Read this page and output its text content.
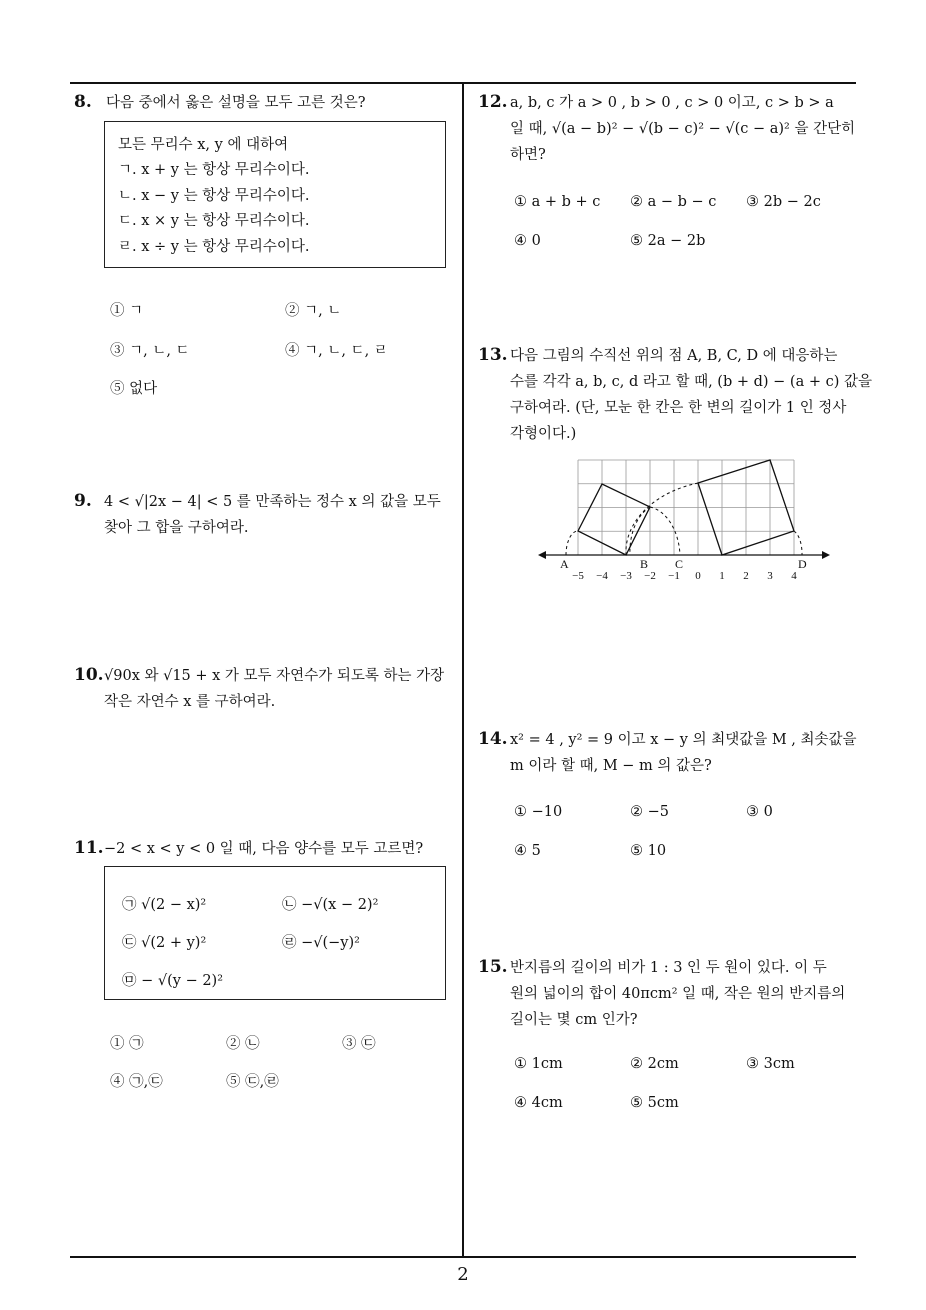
8. 다음 중에서 옳은 설명을 모두 고른 것은?
모든 무리수 x, y 에 대하여
ㄱ. x + y 는 항상 무리수이다.
ㄴ. x − y 는 항상 무리수이다.
ㄷ. x × y 는 항상 무리수이다.
ㄹ. x ÷ y 는 항상 무리수이다.
① ㄱ	② ㄱ, ㄴ
③ ㄱ, ㄴ, ㄷ	④ ㄱ, ㄴ, ㄷ, ㄹ
⑤ 없다
9. 4 < √|2x − 4| < 5 를 만족하는 정수 x 의 값을 모두
찾아 그 합을 구하여라.
10. √90x 와 √15 + x 가 모두 자연수가 되도록 하는 가장
작은 자연수 x 를 구하여라.
11. −2 < x < y < 0 일 때, 다음 양수를 모두 고르면?
㉠ √(2 − x)²	㉡ −√(x − 2)²
㉢ √(2 + y)²	㉣ −√(−y)²
㉤ − √(y − 2)²
① ㉠	② ㉡	③ ㉢
④ ㉠,㉢	⑤ ㉢,㉣
12. a, b, c 가 a > 0 , b > 0 , c > 0 이고, c > b > a
일 때, √(a − b)² − √(b − c)² − √(c − a)² 을 간단히
하면?
① a + b + c ② a − b − c ③ 2b − 2c
④ 0	⑤ 2a − 2b
13. 다음 그림의 수직선 위의 점 A, B, C, D 에 대응하는
수를 각각 a, b, c, d 라고 할 때, (b + d) − (a + c) 값을
구하여라. (단, 모눈 한 칸은 한 변의 길이가 1 인 정사
각형이다.)
A	B C	D
−5 −4 −3 −2 −1 0 1 2 3 4
14. x² = 4 , y² = 9 이고 x − y 의 최댓값을 M , 최솟값을
m 이라 할 때, M − m 의 값은?
① −10	② −5	③ 0
④ 5	⑤ 10
15. 반지름의 길이의 비가 1 : 3 인 두 원이 있다. 이 두
원의 넓이의 합이 40πcm² 일 때, 작은 원의 반지름의
길이는 몇 cm 인가?
① 1cm	② 2cm	③ 3cm
④ 4cm	⑤ 5cm
2
